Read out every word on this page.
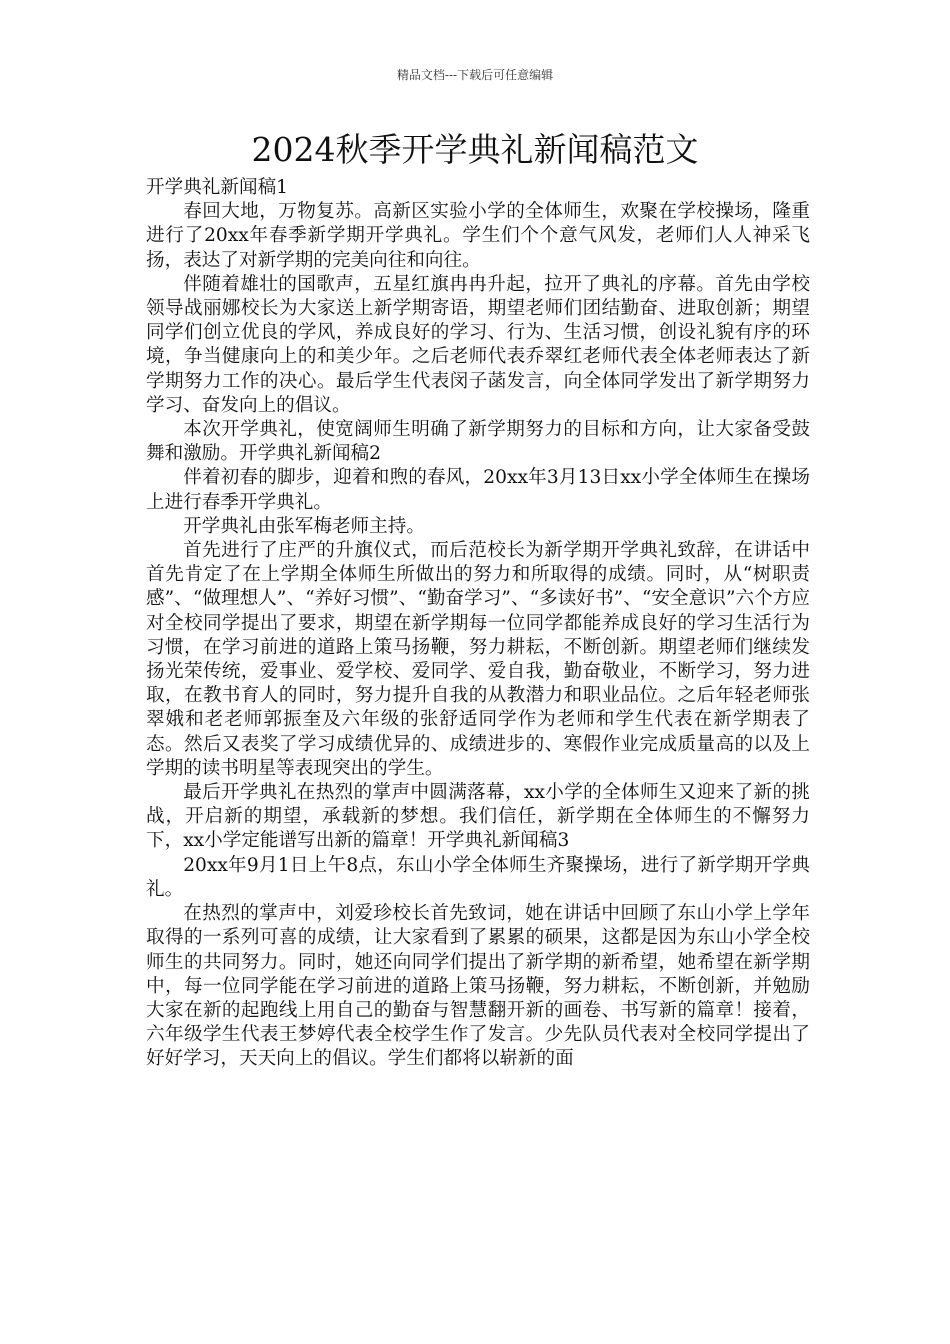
精品文档---下载后可任意编辑
2024秋季开学典礼新闻稿范文

开学典礼新闻稿1

春回大地，万物复苏。高新区实验小学的全体师生，欢聚在学校操场，隆重进行了20xx年春季新学期开学典礼。学生们个个意气风发，老师们人人神采飞扬，表达了对新学期的完美向往和向往。

伴随着雄壮的国歌声，五星红旗冉冉升起，拉开了典礼的序幕。首先由学校领导战丽娜校长为大家送上新学期寄语，期望老师们团结勤奋、进取创新；期望同学们创立优良的学风，养成良好的学习、行为、生活习惯，创设礼貌有序的环境，争当健康向上的和美少年。之后老师代表乔翠红老师代表全体老师表达了新学期努力工作的决心。最后学生代表闵子菡发言，向全体同学发出了新学期努力学习、奋发向上的倡议。

本次开学典礼，使宽阔师生明确了新学期努力的目标和方向，让大家备受鼓舞和激励。开学典礼新闻稿2

伴着初春的脚步，迎着和煦的春风，20xx年3月13日xx小学全体师生在操场上进行春季开学典礼。

开学典礼由张军梅老师主持。

首先进行了庄严的升旗仪式，而后范校长为新学期开学典礼致辞，在讲话中首先肯定了在上学期全体师生所做出的努力和所取得的成绩。同时，从“树职责感”、“做理想人”、“养好习惯”、“勤奋学习”、“多读好书”、“安全意识”六个方应对全校同学提出了要求，期望在新学期每一位同学都能养成良好的学习生活行为习惯，在学习前进的道路上策马扬鞭，努力耕耘，不断创新。期望老师们继续发扬光荣传统，爱事业、爱学校、爱同学、爱自我，勤奋敬业，不断学习，努力进取，在教书育人的同时，努力提升自我的从教潜力和职业品位。之后年轻老师张翠娥和老老师郭振奎及六年级的张舒适同学作为老师和学生代表在新学期表了态。然后又表奖了学习成绩优异的、成绩进步的、寒假作业完成质量高的以及上学期的读书明星等表现突出的学生。

最后开学典礼在热烈的掌声中圆满落幕，xx小学的全体师生又迎来了新的挑战，开启新的期望，承载新的梦想。我们信任，新学期在全体师生的不懈努力下，xx小学定能谱写出新的篇章！开学典礼新闻稿3

20xx年9月1日上午8点，东山小学全体师生齐聚操场，进行了新学期开学典礼。

在热烈的掌声中，刘爱珍校长首先致词，她在讲话中回顾了东山小学上学年取得的一系列可喜的成绩，让大家看到了累累的硕果，这都是因为东山小学全校师生的共同努力。同时，她还向同学们提出了新学期的新希望，她希望在新学期中，每一位同学能在学习前进的道路上策马扬鞭，努力耕耘，不断创新，并勉励大家在新的起跑线上用自己的勤奋与智慧翻开新的画卷、书写新的篇章！接着，六年级学生代表王梦婷代表全校学生作了发言。少先队员代表对全校同学提出了好好学习，天天向上的倡议。学生们都将以崭新的面
